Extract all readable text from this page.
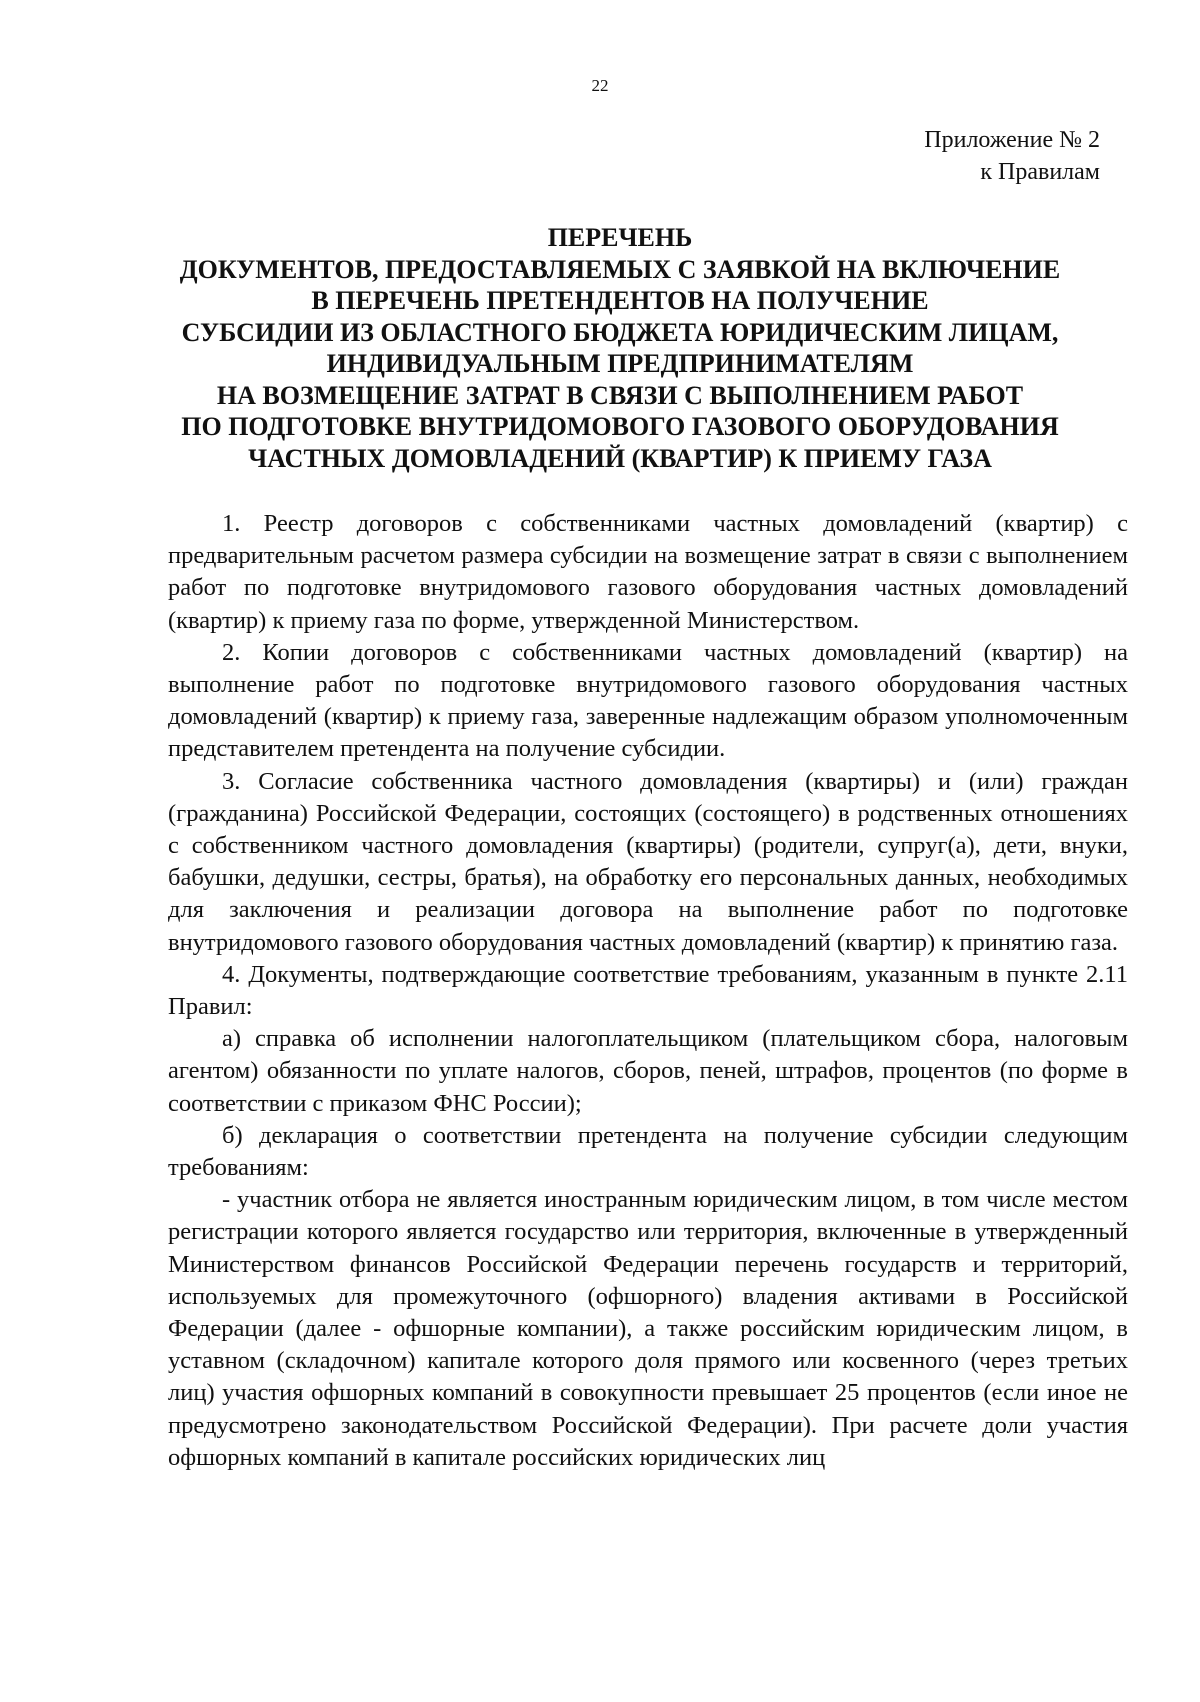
22
Приложение № 2
к Правилам
ПЕРЕЧЕНЬ
ДОКУМЕНТОВ, ПРЕДОСТАВЛЯЕМЫХ С ЗАЯВКОЙ НА ВКЛЮЧЕНИЕ
В ПЕРЕЧЕНЬ ПРЕТЕНДЕНТОВ НА ПОЛУЧЕНИЕ
СУБСИДИИ ИЗ ОБЛАСТНОГО БЮДЖЕТА ЮРИДИЧЕСКИМ ЛИЦАМ,
ИНДИВИДУАЛЬНЫМ ПРЕДПРИНИМАТЕЛЯМ
НА ВОЗМЕЩЕНИЕ ЗАТРАТ В СВЯЗИ С ВЫПОЛНЕНИЕМ РАБОТ
ПО ПОДГОТОВКЕ ВНУТРИДОМОВОГО ГАЗОВОГО ОБОРУДОВАНИЯ
ЧАСТНЫХ ДОМОВЛАДЕНИЙ (КВАРТИР) К ПРИЕМУ ГАЗА

1. Реестр договоров с собственниками частных домовладений (квартир) с предварительным расчетом размера субсидии на возмещение затрат в связи с выполнением работ по подготовке внутридомового газового оборудования частных домовладений (квартир) к приему газа по форме, утвержденной Министерством.

2. Копии договоров с собственниками частных домовладений (квартир) на выполнение работ по подготовке внутридомового газового оборудования частных домовладений (квартир) к приему газа, заверенные надлежащим образом уполномоченным представителем претендента на получение субсидии.

3. Согласие собственника частного домовладения (квартиры) и (или) граждан (гражданина) Российской Федерации, состоящих (состоящего) в родственных отношениях с собственником частного домовладения (квартиры) (родители, супруг(а), дети, внуки, бабушки, дедушки, сестры, братья), на обработку его персональных данных, необходимых для заключения и реализации договора на выполнение работ по подготовке внутридомового газового оборудования частных домовладений (квартир) к принятию газа.

4. Документы, подтверждающие соответствие требованиям, указанным в пункте 2.11 Правил:

а) справка об исполнении налогоплательщиком (плательщиком сбора, налоговым агентом) обязанности по уплате налогов, сборов, пеней, штрафов, процентов (по форме в соответствии с приказом ФНС России);

б) декларация о соответствии претендента на получение субсидии следующим требованиям:

- участник отбора не является иностранным юридическим лицом, в том числе местом регистрации которого является государство или территория, включенные в утвержденный Министерством финансов Российской Федерации перечень государств и территорий, используемых для промежуточного (офшорного) владения активами в Российской Федерации (далее - офшорные компании), а также российским юридическим лицом, в уставном (складочном) капитале которого доля прямого или косвенного (через третьих лиц) участия офшорных компаний в совокупности превышает 25 процентов (если иное не предусмотрено законодательством Российской Федерации). При расчете доли участия офшорных компаний в капитале российских юридических лиц
